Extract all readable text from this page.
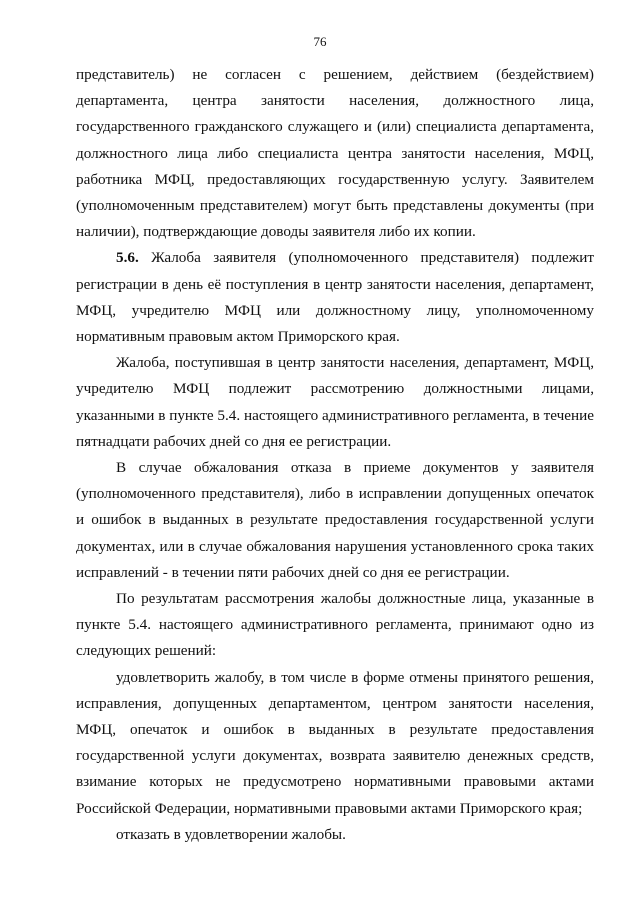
76

представитель) не согласен с решением, действием (бездействием) департамента, центра занятости населения, должностного лица, государственного гражданского служащего и (или) специалиста департамента, должностного лица либо специалиста центра занятости населения, МФЦ, работника МФЦ, предоставляющих государственную услугу. Заявителем (уполномоченным представителем) могут быть представлены документы (при наличии), подтверждающие доводы заявителя либо их копии.

5.6. Жалоба заявителя (уполномоченного представителя) подлежит регистрации в день её поступления в центр занятости населения, департамент, МФЦ, учредителю МФЦ или должностному лицу, уполномоченному нормативным правовым актом Приморского края.

Жалоба, поступившая в центр занятости населения, департамент, МФЦ, учредителю МФЦ подлежит рассмотрению должностными лицами, указанными в пункте 5.4. настоящего административного регламента, в течение пятнадцати рабочих дней со дня ее регистрации.

В случае обжалования отказа в приеме документов у заявителя (уполномоченного представителя), либо в исправлении допущенных опечаток и ошибок в выданных в результате предоставления государственной услуги документах, или в случае обжалования нарушения установленного срока таких исправлений - в течении пяти рабочих дней со дня ее регистрации.

По результатам рассмотрения жалобы должностные лица, указанные в пункте 5.4. настоящего административного регламента, принимают одно из следующих решений:

удовлетворить жалобу, в том числе в форме отмены принятого решения, исправления, допущенных департаментом, центром занятости населения, МФЦ, опечаток и ошибок в выданных в результате предоставления государственной услуги документах, возврата заявителю денежных средств, взимание которых не предусмотрено нормативными правовыми актами Российской Федерации, нормативными правовыми актами Приморского края;

отказать в удовлетворении жалобы.
